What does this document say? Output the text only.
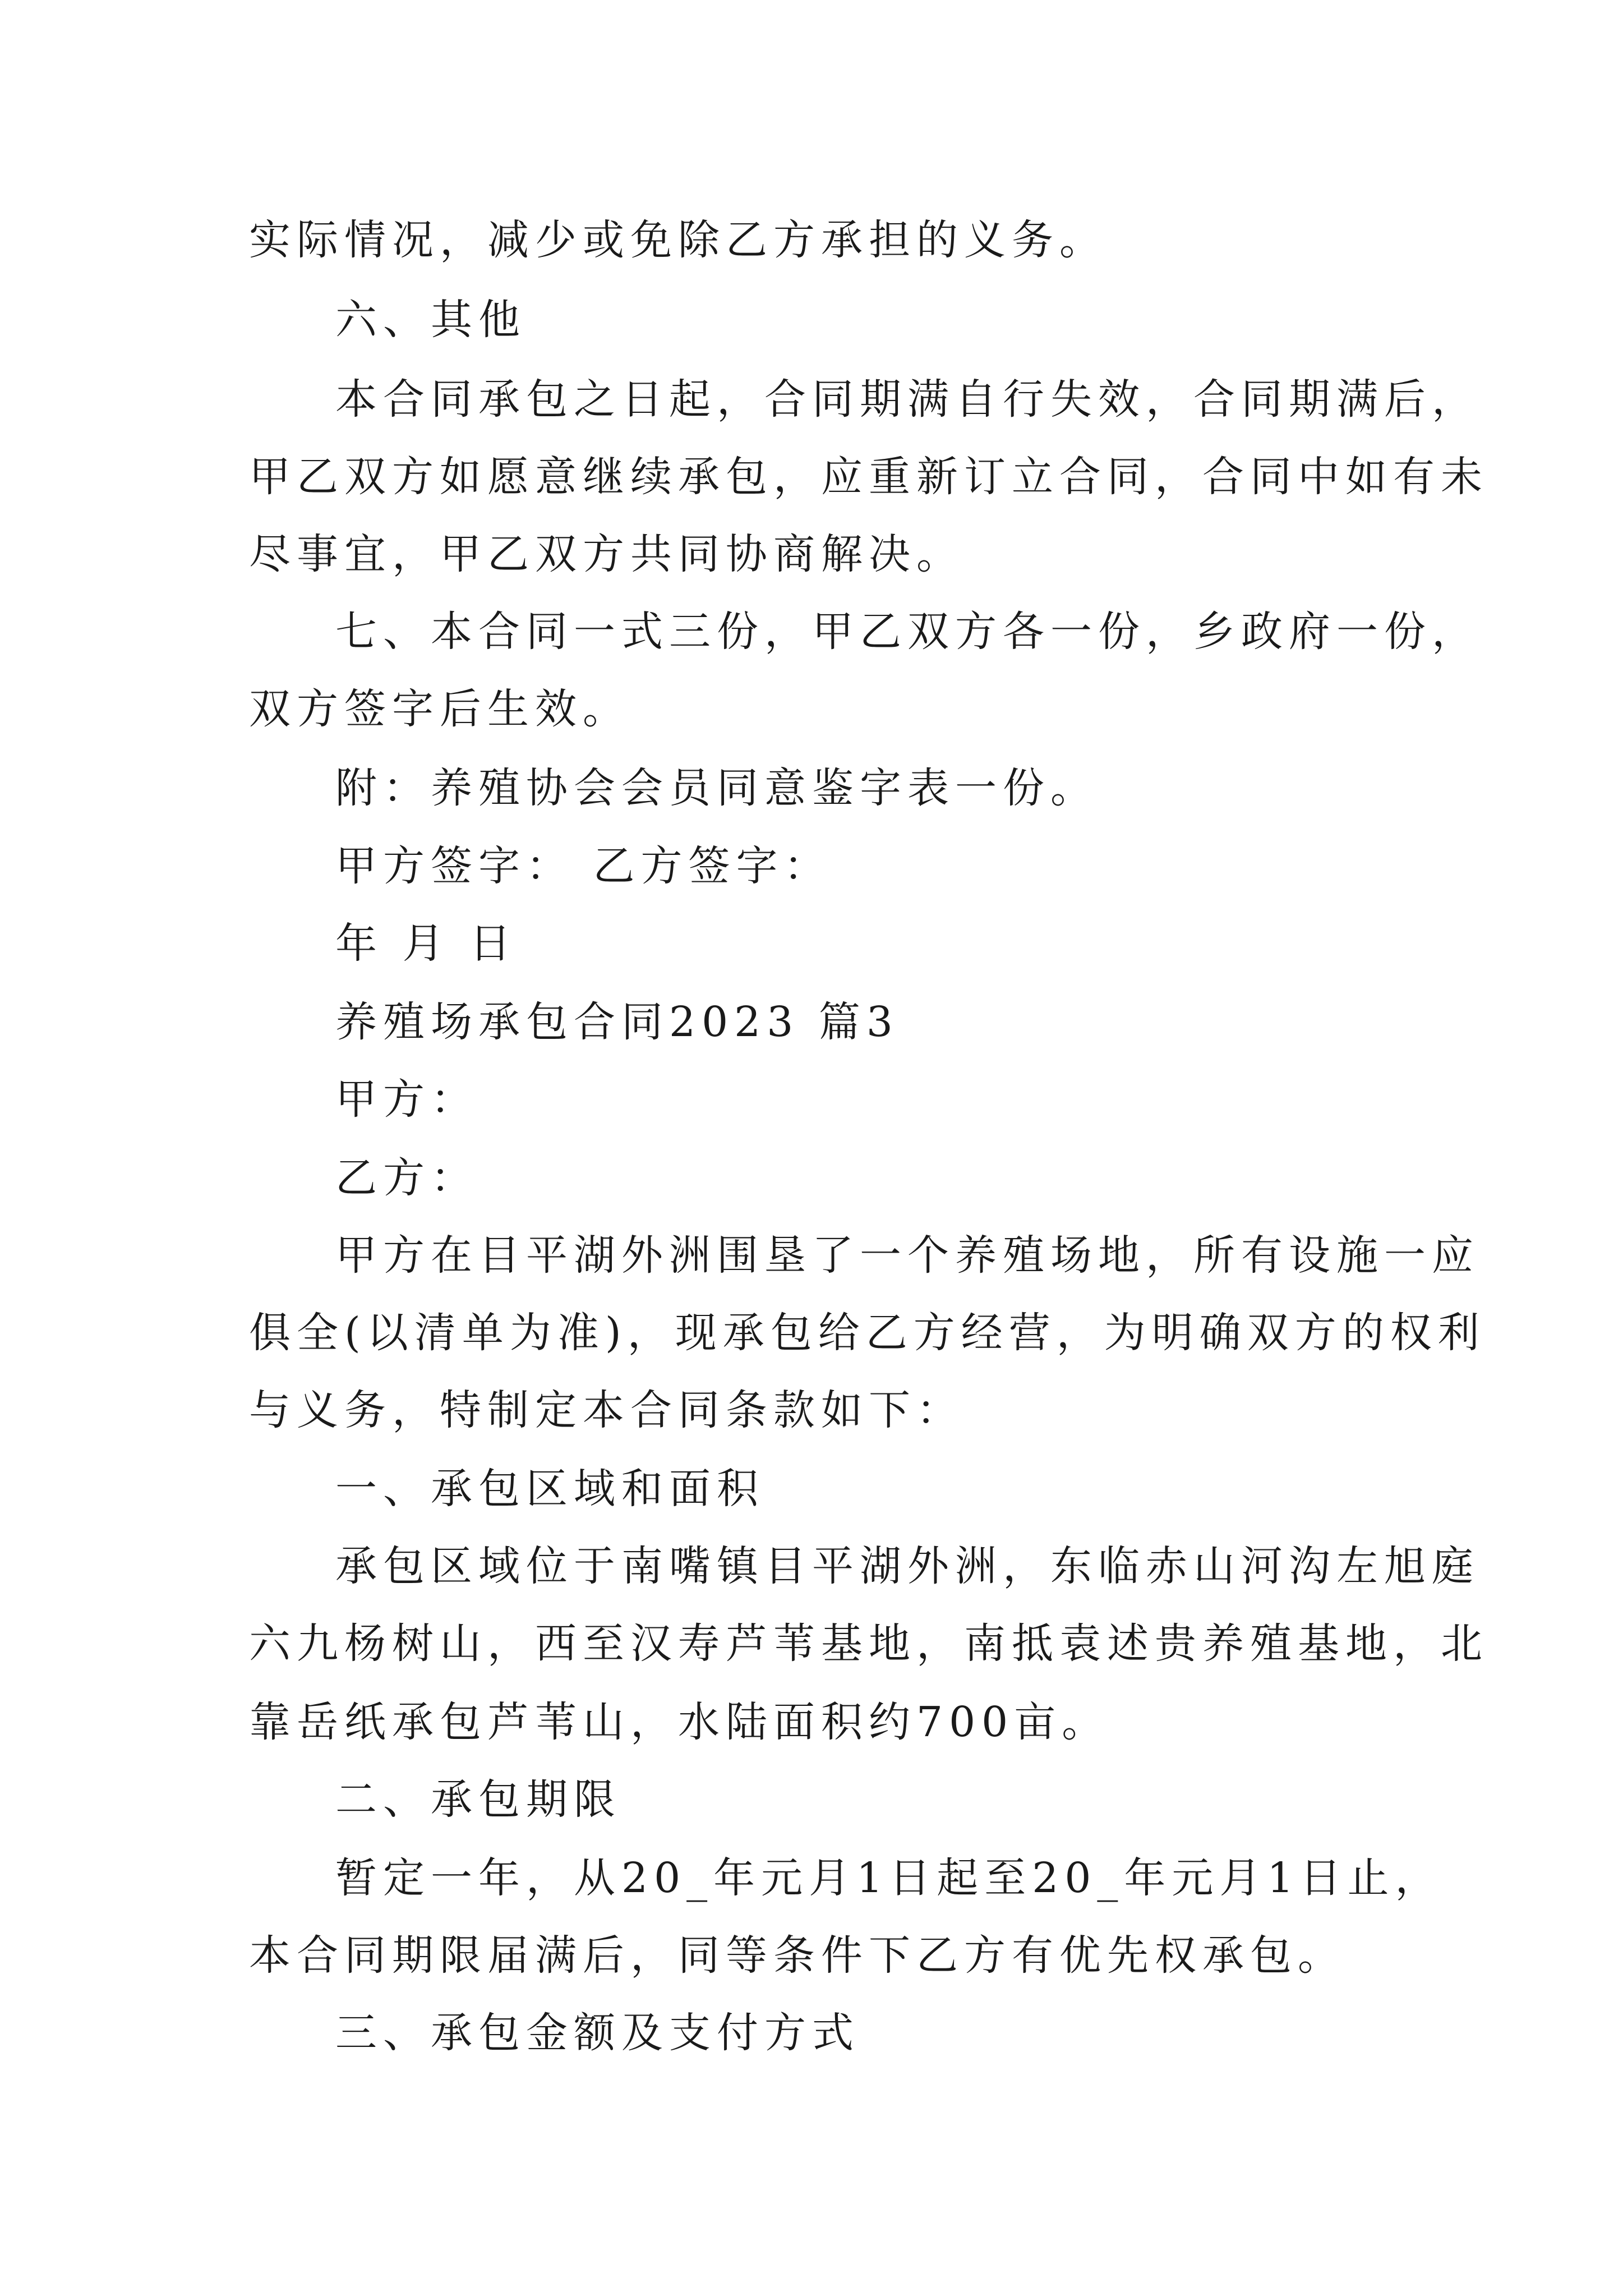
实际情况，减少或免除乙方承担的义务。

六、其他

本合同承包之日起，合同期满自行失效，合同期满后，

甲乙双方如愿意继续承包，应重新订立合同，合同中如有未

尽事宜，甲乙双方共同协商解决。

七、本合同一式三份，甲乙双方各一份，乡政府一份，

双方签字后生效。

附：养殖协会会员同意鉴字表一份。

甲方签字： 乙方签字：

年 月 日

养殖场承包合同2023 篇3

甲方：

乙方：

甲方在目平湖外洲围垦了一个养殖场地，所有设施一应

俱全(以清单为准)，现承包给乙方经营，为明确双方的权利

与义务，特制定本合同条款如下：

一、承包区域和面积

承包区域位于南嘴镇目平湖外洲，东临赤山河沟左旭庭

六九杨树山，西至汉寿芦苇基地，南抵袁述贵养殖基地，北

靠岳纸承包芦苇山，水陆面积约700亩。

二、承包期限

暂定一年，从20_年元月1日起至20_年元月1日止，

本合同期限届满后，同等条件下乙方有优先权承包。

三、承包金额及支付方式
